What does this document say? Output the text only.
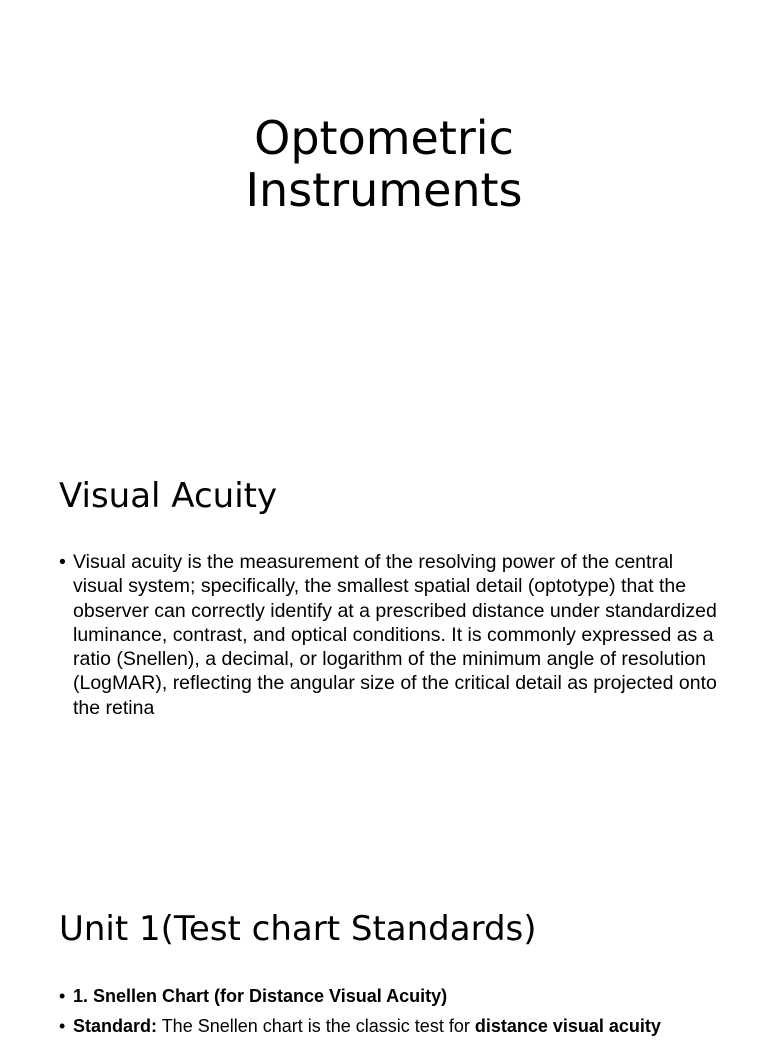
Optometric
Instruments
Visual Acuity
• Visual acuity is the measurement of the resolving power of the central visual system; specifically, the smallest spatial detail (optotype) that the observer can correctly identify at a prescribed distance under standardized luminance, contrast, and optical conditions. It is commonly expressed as a ratio (Snellen), a decimal, or logarithm of the minimum angle of resolution (LogMAR), reflecting the angular size of the critical detail as projected onto the retina
Unit 1(Test chart Standards)
• 1. Snellen Chart (for Distance Visual Acuity)
• Standard: The Snellen chart is the classic test for distance visual acuity
